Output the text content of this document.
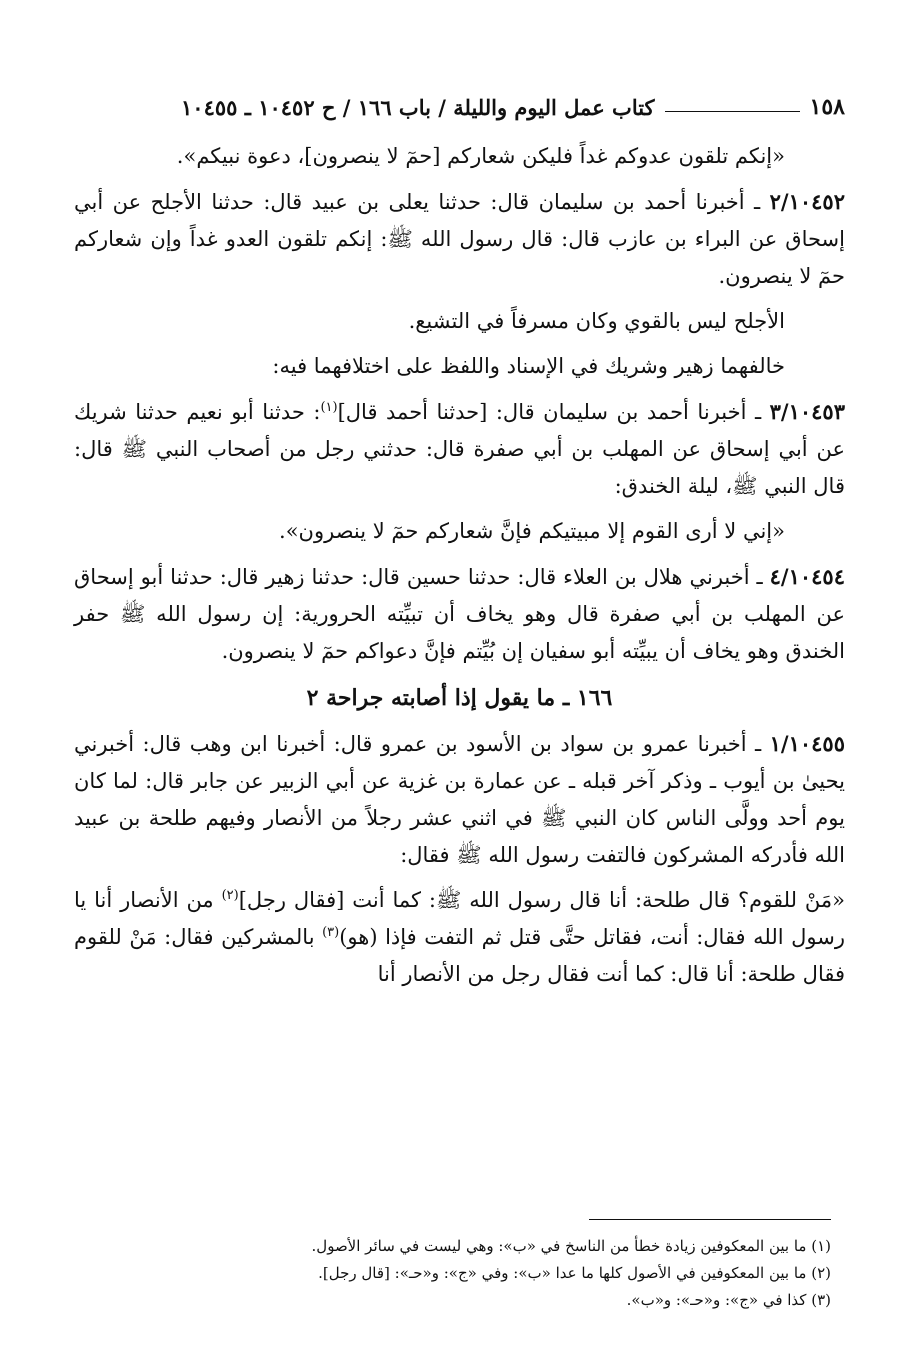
١٥٨
كتاب عمل اليوم والليلة / باب ١٦٦ / ح ١٠٤٥٢ ـ ١٠٤٥٥

«إنكم تلقون عدوكم غداً فليكن شعاركم [حمٓ لا ينصرون]، دعوة نبيكم».

٢/١٠٤٥٢ ـ أخبرنا أحمد بن سليمان قال: حدثنا يعلى بن عبيد قال: حدثنا الأجلح عن أبي إسحاق عن البراء بن عازب قال: قال رسول الله ﷺ: إنكم تلقون العدو غداً وإن شعاركم حمٓ لا ينصرون.

الأجلح ليس بالقوي وكان مسرفاً في التشيع.

خالفهما زهير وشريك في الإسناد واللفظ على اختلافهما فيه:

٣/١٠٤٥٣ ـ أخبرنا أحمد بن سليمان قال: [حدثنا أحمد قال]$^{(١)}$: حدثنا أبو نعيم حدثنا شريك عن أبي إسحاق عن المهلب بن أبي صفرة قال: حدثني رجل من أصحاب النبي ﷺ قال: قال النبي ﷺ، ليلة الخندق:

«إني لا أرى القوم إلا مبيتيكم فإنَّ شعاركم حمٓ لا ينصرون».

٤/١٠٤٥٤ ـ أخبرني هلال بن العلاء قال: حدثنا حسين قال: حدثنا زهير قال: حدثنا أبو إسحاق عن المهلب بن أبي صفرة قال وهو يخاف أن تبيِّته الحرورية: إن رسول الله ﷺ حفر الخندق وهو يخاف أن يبيِّته أبو سفيان إن بُيِّتم فإنَّ دعواكم حمٓ لا ينصرون.

١٦٦ ـ ما يقول إذا أصابته جراحة ٢

١/١٠٤٥٥ ـ أخبرنا عمرو بن سواد بن الأسود بن عمرو قال: أخبرنا ابن وهب قال: أخبرني يحيىٰ بن أيوب ـ وذكر آخر قبله ـ عن عمارة بن غزية عن أبي الزبير عن جابر قال: لما كان يوم أحد وولَّى الناس كان النبي ﷺ في اثني عشر رجلاً من الأنصار وفيهم طلحة بن عبيد الله فأدركه المشركون فالتفت رسول الله ﷺ فقال:

«مَنْ للقوم؟ قال طلحة: أنا قال رسول الله ﷺ: كما أنت [فقال رجل]$^{(٢)}$ من الأنصار أنا يا رسول الله فقال: أنت، فقاتل حتَّى قتل ثم التفت فإذا (هو)$^{(٣)}$ بالمشركين فقال: مَنْ للقوم فقال طلحة: أنا قال: كما أنت فقال رجل من الأنصار أنا

(١) ما بين المعكوفين زيادة خطأ من الناسخ في «ب»: وهي ليست في سائر الأصول.

(٢) ما بين المعكوفين في الأصول كلها ما عدا «ب»: وفي «ج»: و«حـ»: [قال رجل].

(٣) كذا في «ج»: و«حـ»: و«ب».
